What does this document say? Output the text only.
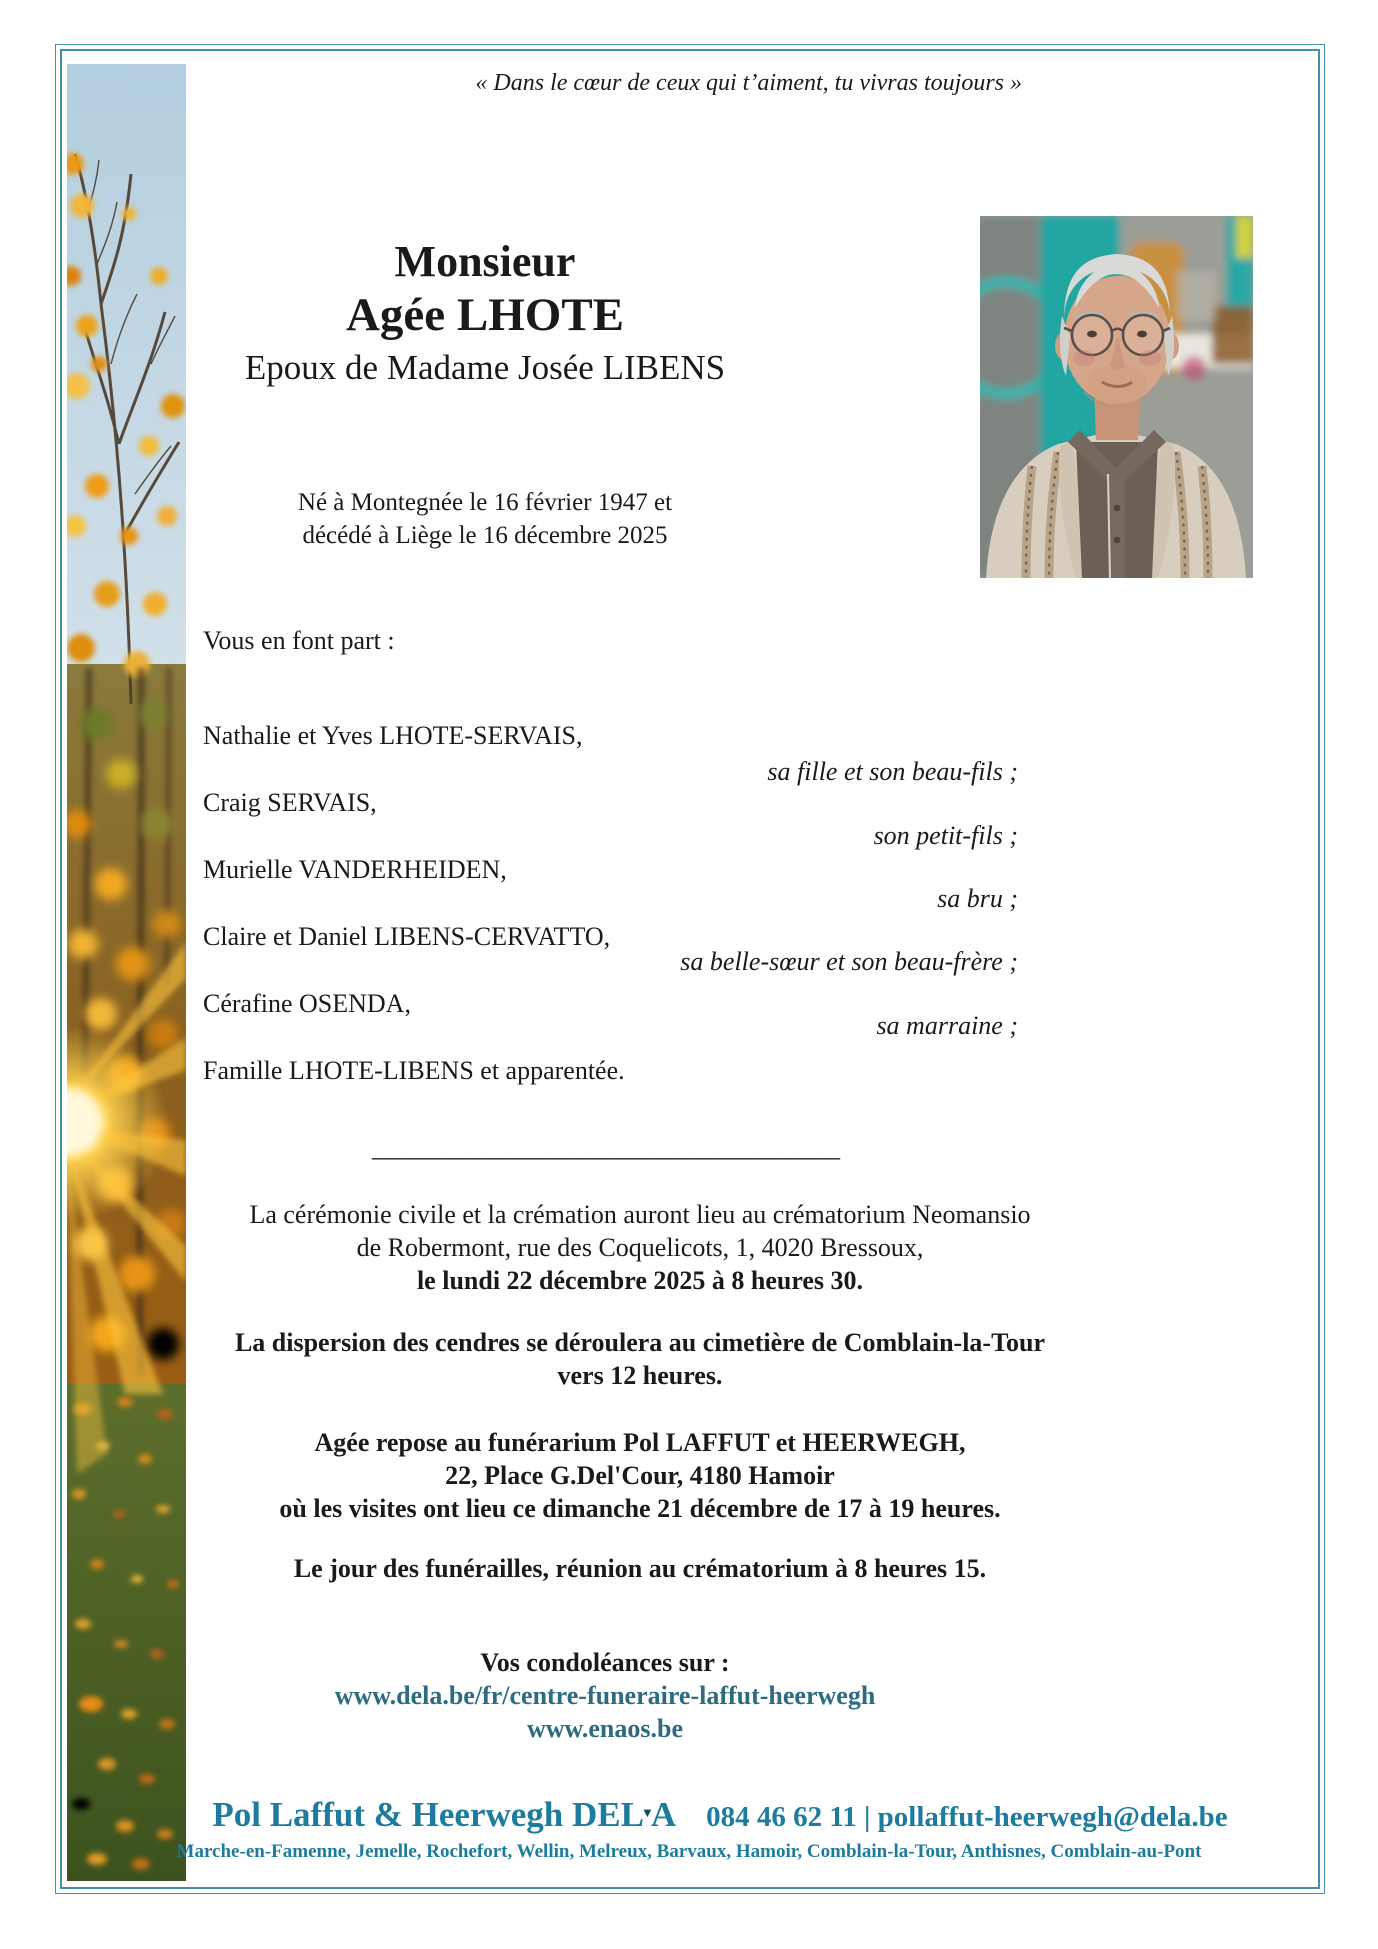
« Dans le cœur de ceux qui t’aiment, tu vivras toujours »
Monsieur
Agée LHOTE
Epoux de Madame Josée LIBENS
Né à Montegnée le 16 février 1947 et
décédé à Liège le 16 décembre 2025
Vous en font part :
Nathalie et Yves LHOTE-SERVAIS,
sa fille et son beau-fils ;
Craig SERVAIS,
son petit-fils ;
Murielle VANDERHEIDEN,
sa bru ;
Claire et Daniel LIBENS-CERVATTO,
sa belle-sœur et son beau-frère ;
Cérafine OSENDA,
sa marraine ;
Famille LHOTE-LIBENS et apparentée.
____________________________________
La cérémonie civile et la crémation auront lieu au crématorium Neomansio
de Robermont, rue des Coquelicots, 1, 4020 Bressoux,
le lundi 22 décembre 2025 à 8 heures 30.
La dispersion des cendres se déroulera au cimetière de Comblain-la-Tour
vers 12 heures.
Agée repose au funérarium Pol LAFFUT et HEERWEGH,
22, Place G.Del'Cour, 4180 Hamoir
où les visites ont lieu ce dimanche 21 décembre de 17 à 19 heures.
Le jour des funérailles, réunion au crématorium à 8 heures 15.
Vos condoléances sur :
www.dela.be/fr/centre-funeraire-laffut-heerwegh
www.enaos.be
Pol Laffut & Heerwegh DEL▼A 084 46 62 11 | pollaffut-heerwegh@dela.be
Marche-en-Famenne, Jemelle, Rochefort, Wellin, Melreux, Barvaux, Hamoir, Comblain-la-Tour, Anthisnes, Comblain-au-Pont
